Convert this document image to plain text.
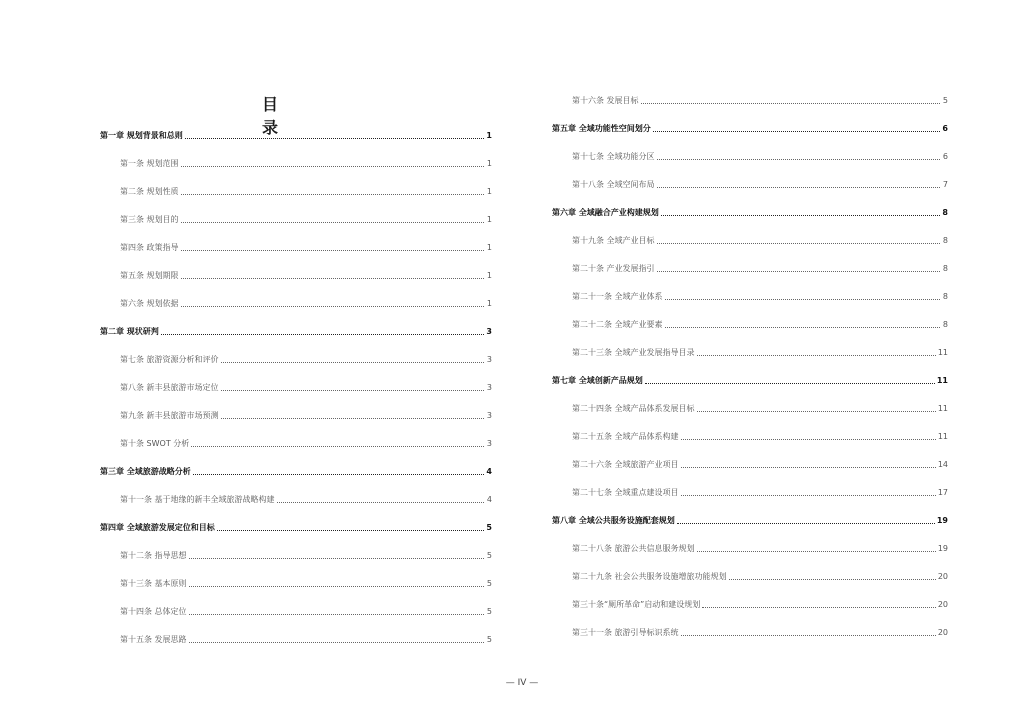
目 录
第一章 规划背景和总则	1
第一条 规划范围	1
第二条 规划性质	1
第三条 规划目的	1
第四条 政策指导	1
第五条 规划期限	1
第六条 规划依据	1
第二章 现状研判	3
第七条 旅游资源分析和评价	3
第八条 新丰县旅游市场定位	3
第九条 新丰县旅游市场预测	3
第十条 SWOT 分析	3
第三章 全域旅游战略分析	4
第十一条 基于地缘的新丰全域旅游战略构建	4
第四章 全域旅游发展定位和目标	5
第十二条 指导思想	5
第十三条 基本原则	5
第十四条 总体定位	5
第十五条 发展思路	5
第十六条 发展目标	5
第五章 全域功能性空间划分	6
第十七条 全域功能分区	6
第十八条 全域空间布局	7
第六章 全域融合产业构建规划	8
第十九条 全域产业目标	8
第二十条 产业发展指引	8
第二十一条 全域产业体系	8
第二十二条 全域产业要素	8
第二十三条 全域产业发展指导目录	11
第七章 全域创新产品规划	11
第二十四条 全域产品体系发展目标	11
第二十五条 全域产品体系构建	11
第二十六条 全域旅游产业项目	14
第二十七条 全域重点建设项目	17
第八章 全域公共服务设施配套规划	19
第二十八条 旅游公共信息服务规划	19
第二十九条 社会公共服务设施增旅功能规划	20
第三十条“厕所革命”启动和建设规划	20
第三十一条 旅游引导标识系统	20
— IV —
